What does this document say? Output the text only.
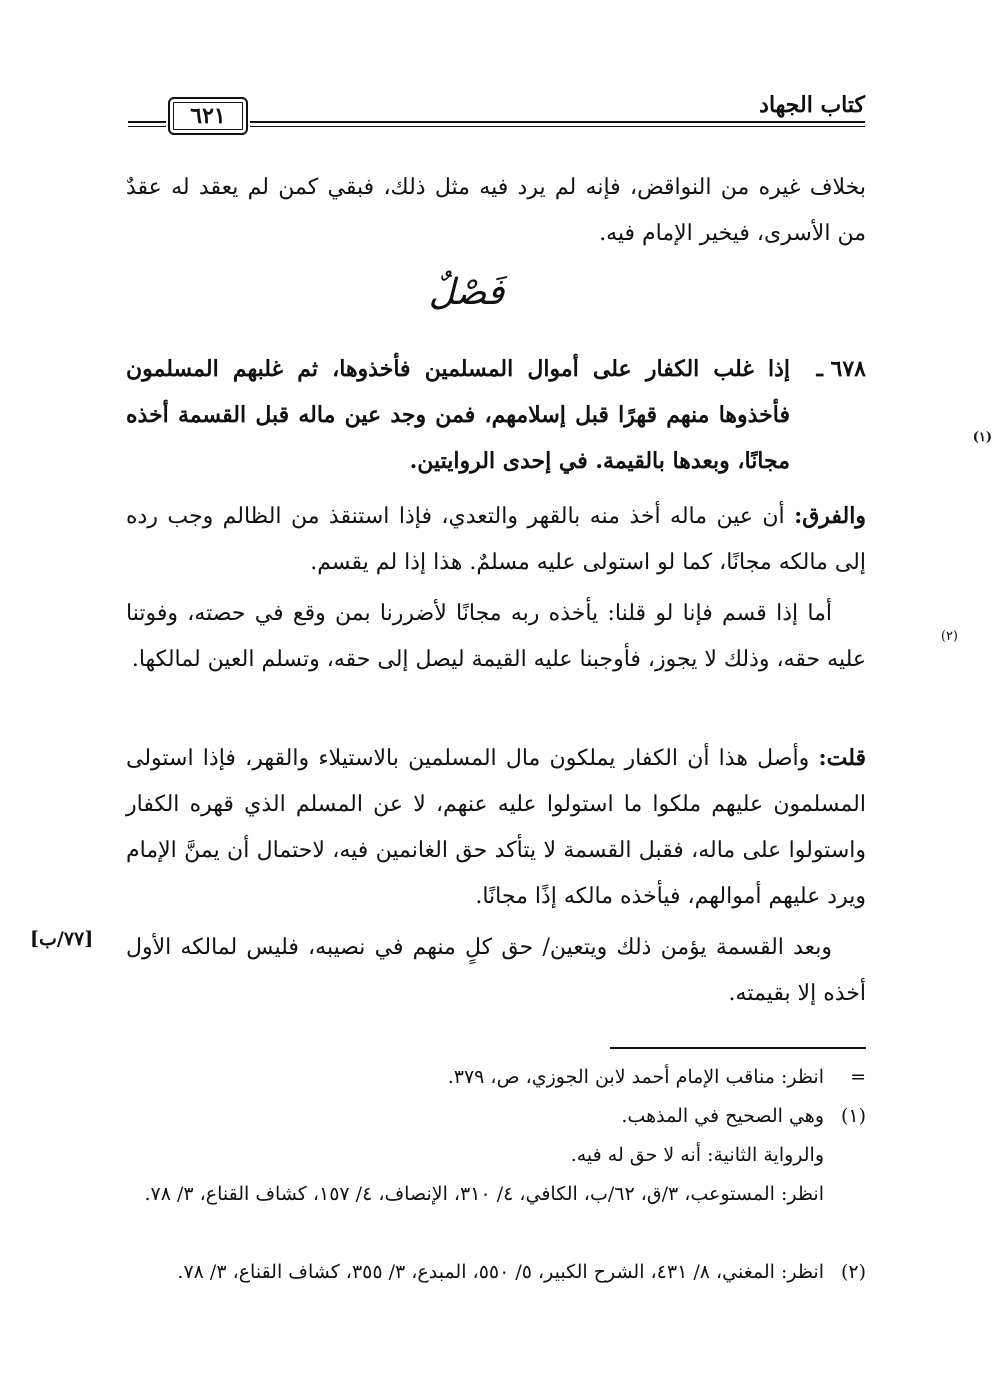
كتاب الجهاد
٦٢١
بخلاف غيره من النواقض، فإنه لم يرد فيه مثل ذلك، فبقي كمن لم يعقد له عقدٌ من الأسرى، فيخير الإمام فيه.
فَصْلٌ
٦٧٨ ـ
إذا غلب الكفار على أموال المسلمين فأخذوها، ثم غلبهم المسلمون فأخذوها منهم قهرًا قبل إسلامهم، فمن وجد عين ماله قبل القسمة أخذه مجانًا، وبعدها بالقيمة. في إحدى الروايتين
(١)
.
والفرق: أن عين ماله أخذ منه بالقهر والتعدي، فإذا استنقذ من الظالم وجب رده إلى مالكه مجانًا، كما لو استولى عليه مسلمٌ. هذا إذا لم يقسم.
أما إذا قسم فإنا لو قلنا: يأخذه ربه مجانًا لأضررنا بمن وقع في حصته، وفوتنا عليه حقه، وذلك لا يجوز، فأوجبنا عليه القيمة ليصل إلى حقه، وتسلم العين لمالكها
(٢)
.
قلت: وأصل هذا أن الكفار يملكون مال المسلمين بالاستيلاء والقهر، فإذا استولى المسلمون عليهم ملكوا ما استولوا عليه عنهم، لا عن المسلم الذي قهره الكفار واستولوا على ماله، فقبل القسمة لا يتأكد حق الغانمين فيه، لاحتمال أن يمنَّ الإمام ويرد عليهم أموالهم، فيأخذه مالكه إذًا مجانًا.
وبعد القسمة يؤمن ذلك ويتعين/ حق كلٍ منهم في نصيبه، فليس لمالكه الأول أخذه إلا بقيمته.
[٧٧/ب]
=
انظر: مناقب الإمام أحمد لابن الجوزي، ص، ٣٧٩.
(١)
وهي الصحيح في المذهب.
والرواية الثانية: أنه لا حق له فيه.
انظر: المستوعب، ٣/ق، ٦٢/ب، الكافي، ٤/ ٣١٠، الإنصاف، ٤/ ١٥٧، كشاف القناع، ٣/ ٧٨.
(٢)
انظر: المغني، ٨/ ٤٣١، الشرح الكبير، ٥/ ٥٥٠، المبدع، ٣/ ٣٥٥، كشاف القناع، ٣/ ٧٨.
